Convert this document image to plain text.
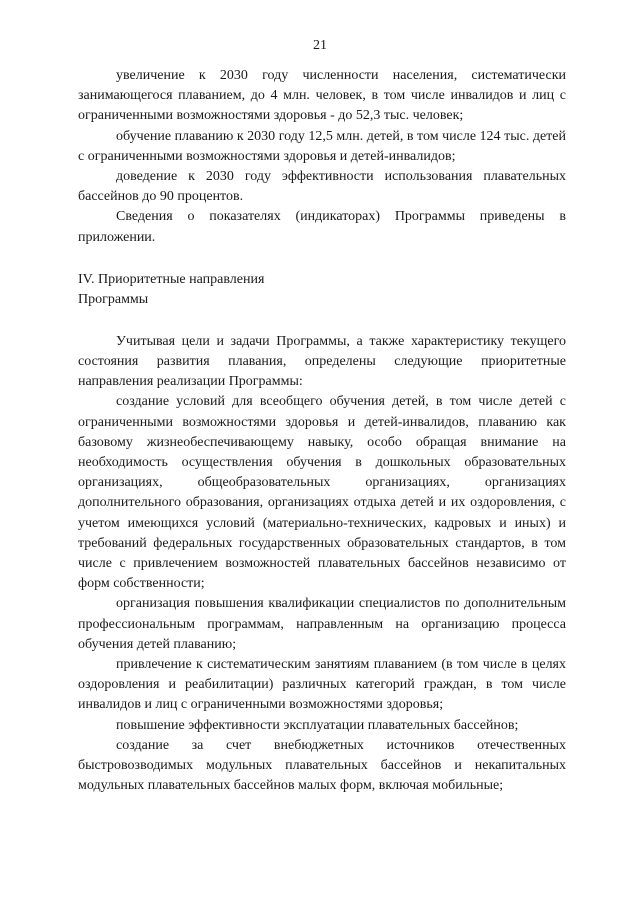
21

увеличение к 2030 году численности населения, систематически занимающегося плаванием, до 4 млн. человек, в том числе инвалидов и лиц с ограниченными возможностями здоровья - до 52,3 тыс. человек;

обучение плаванию к 2030 году 12,5 млн. детей, в том числе 124 тыс. детей с ограниченными возможностями здоровья и детей-инвалидов;

доведение к 2030 году эффективности использования плавательных бассейнов до 90 процентов.

Сведения о показателях (индикаторах) Программы приведены в приложении.

IV. Приоритетные направления
Программы

Учитывая цели и задачи Программы, а также характеристику текущего состояния развития плавания, определены следующие приоритетные направления реализации Программы:

создание условий для всеобщего обучения детей, в том числе детей с ограниченными возможностями здоровья и детей-инвалидов, плаванию как базовому жизнеобеспечивающему навыку, особо обращая внимание на необходимость осуществления обучения в дошкольных образовательных организациях, общеобразовательных организациях, организациях дополнительного образования, организациях отдыха детей и их оздоровления, с учетом имеющихся условий (материально-технических, кадровых и иных) и требований федеральных государственных образовательных стандартов, в том числе с привлечением возможностей плавательных бассейнов независимо от форм собственности;

организация повышения квалификации специалистов по дополнительным профессиональным программам, направленным на организацию процесса обучения детей плаванию;

привлечение к систематическим занятиям плаванием (в том числе в целях оздоровления и реабилитации) различных категорий граждан, в том числе инвалидов и лиц с ограниченными возможностями здоровья;

повышение эффективности эксплуатации плавательных бассейнов;

создание за счет внебюджетных источников отечественных быстровозводимых модульных плавательных бассейнов и некапитальных модульных плавательных бассейнов малых форм, включая мобильные;
